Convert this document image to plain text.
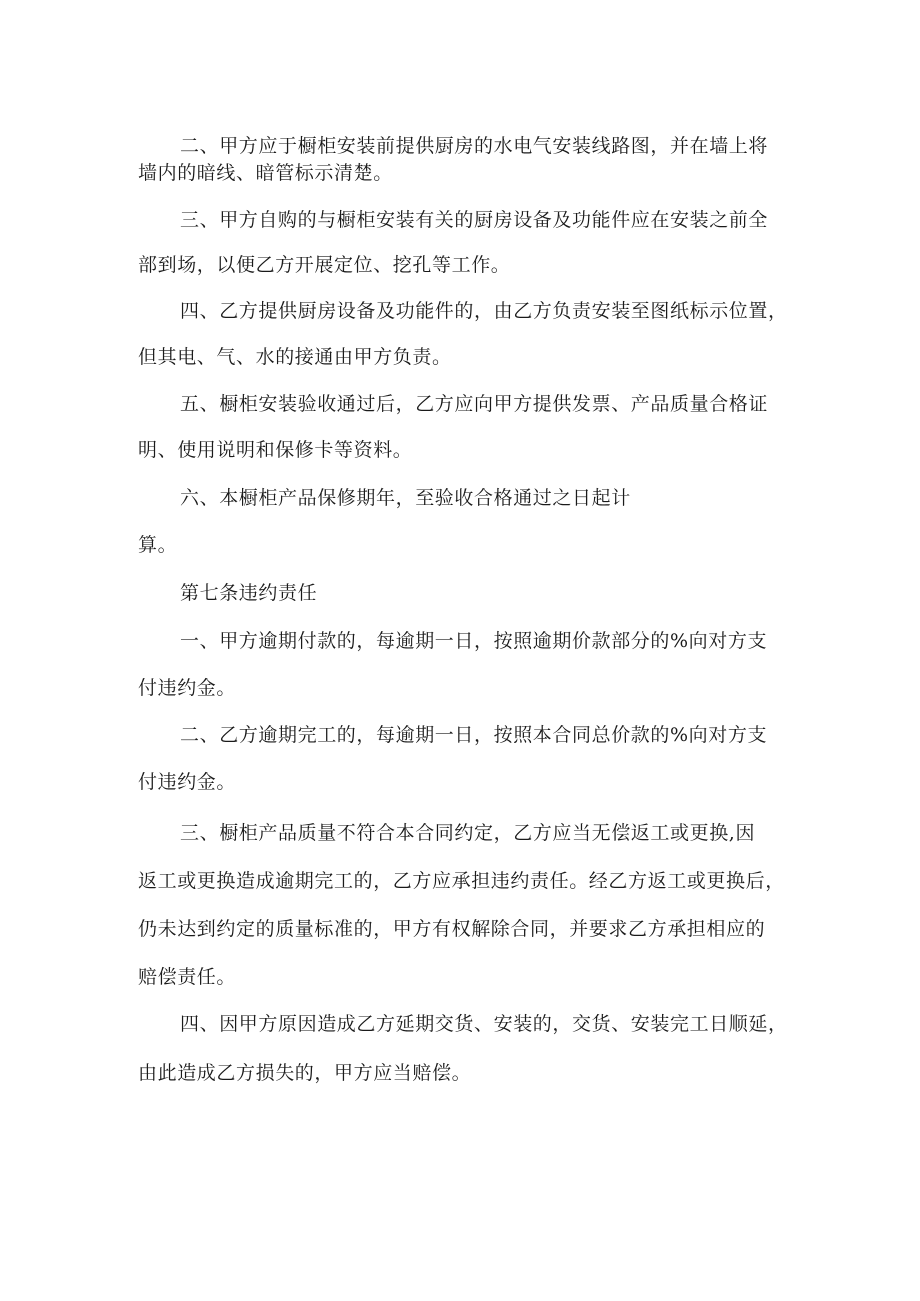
二、甲方应于橱柜安装前提供厨房的水电气安装线路图，并在墙上将
墙内的暗线、暗管标示清楚。
三、甲方自购的与橱柜安装有关的厨房设备及功能件应在安装之前全
部到场，以便乙方开展定位、挖孔等工作。
四、乙方提供厨房设备及功能件的，由乙方负责安装至图纸标示位置，
但其电、气、水的接通由甲方负责。
五、橱柜安装验收通过后，乙方应向甲方提供发票、产品质量合格证
明、使用说明和保修卡等资料。
六、本橱柜产品保修期年，至验收合格通过之日起计
算。
第七条违约责任
一、甲方逾期付款的，每逾期一日，按照逾期价款部分的%向对方支
付违约金。
二、乙方逾期完工的，每逾期一日，按照本合同总价款的%向对方支
付违约金。
三、橱柜产品质量不符合本合同约定，乙方应当无偿返工或更换,因
返工或更换造成逾期完工的，乙方应承担违约责任。经乙方返工或更换后，
仍未达到约定的质量标准的，甲方有权解除合同，并要求乙方承担相应的
赔偿责任。
四、因甲方原因造成乙方延期交货、安装的，交货、安装完工日顺延，
由此造成乙方损失的，甲方应当赔偿。
